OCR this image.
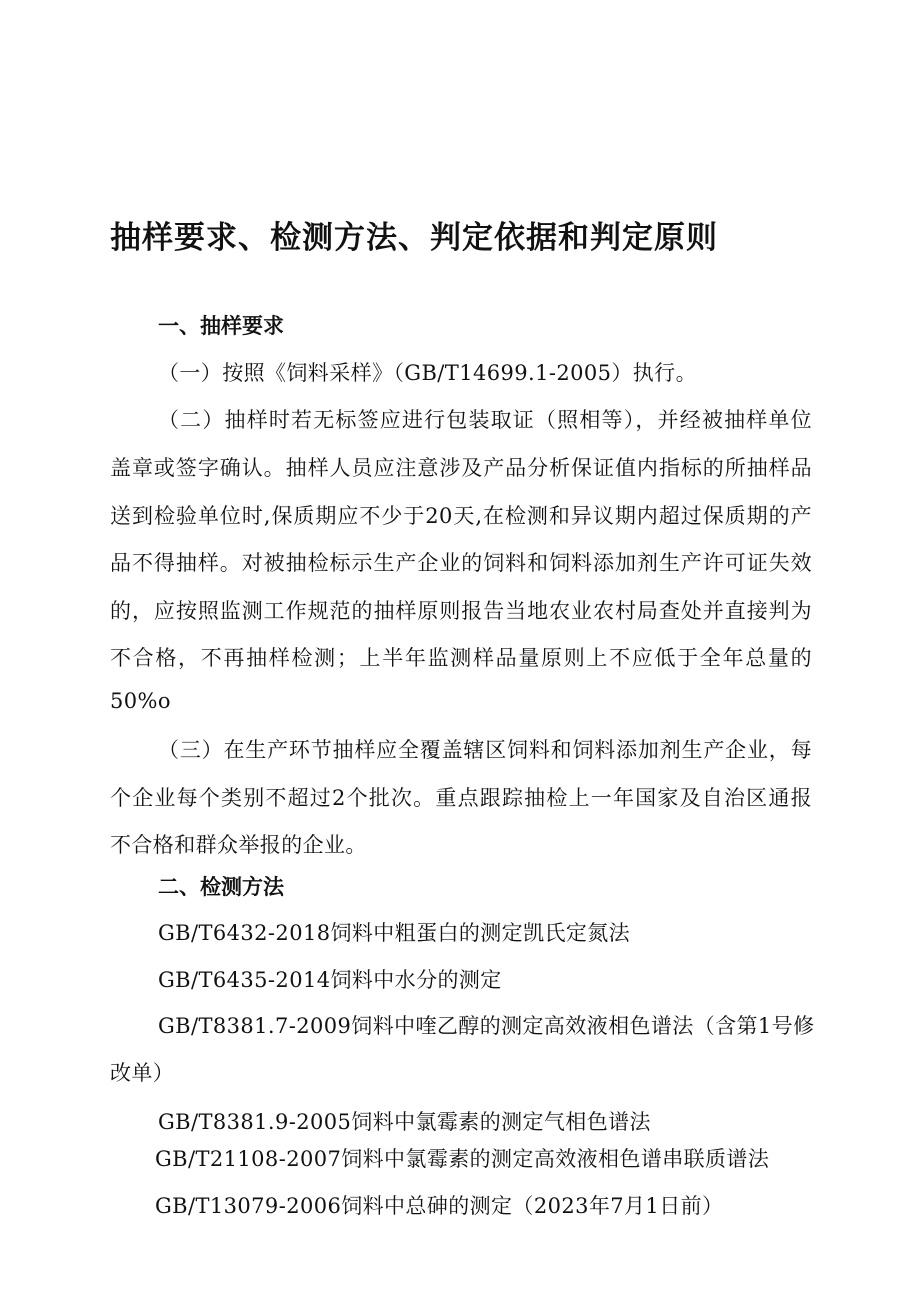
抽样要求、检测方法、判定依据和判定原则
一、抽样要求
（一）按照《饲料采样》（GB/T14699.1-2005）执行。
（二）抽样时若无标签应进行包装取证（照相等），并经被抽样单位
盖章或签字确认。抽样人员应注意涉及产品分析保证值内指标的所抽样品
送到检验单位时,保质期应不少于20天,在检测和异议期内超过保质期的产
品不得抽样。对被抽检标示生产企业的饲料和饲料添加剂生产许可证失效
的，应按照监测工作规范的抽样原则报告当地农业农村局查处并直接判为
不合格，不再抽样检测；上半年监测样品量原则上不应低于全年总量的
50%o
（三）在生产环节抽样应全覆盖辖区饲料和饲料添加剂生产企业，每
个企业每个类别不超过2个批次。重点跟踪抽检上一年国家及自治区通报
不合格和群众举报的企业。
二、检测方法
GB/T6432-2018饲料中粗蛋白的测定凯氏定氮法
GB/T6435-2014饲料中水分的测定
GB/T8381.7-2009饲料中喹乙醇的测定高效液相色谱法（含第1号修
改单）
GB/T8381.9-2005饲料中氯霉素的测定气相色谱法
GB/T21108-2007饲料中氯霉素的测定高效液相色谱串联质谱法
GB/T13079-2006饲料中总砷的测定（2023年7月1日前）
